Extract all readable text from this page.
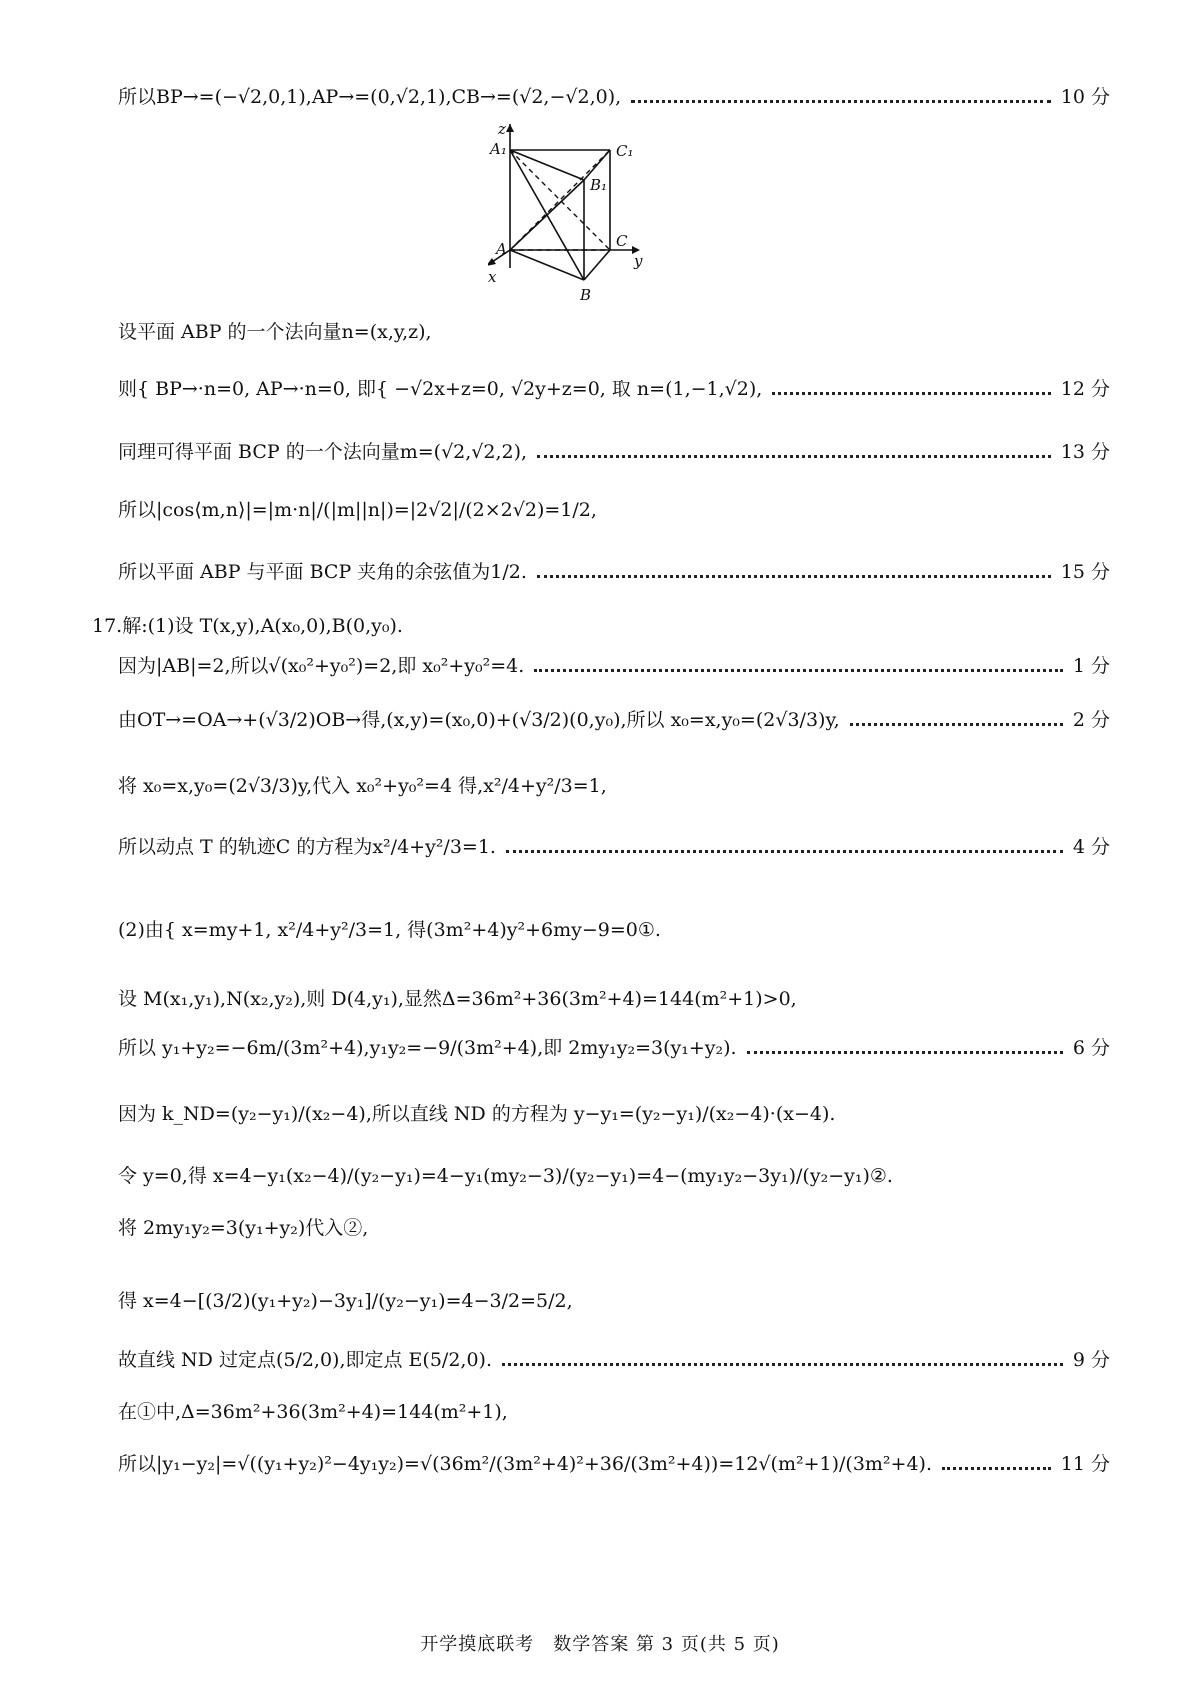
所以BP→=(−√2,0,1),AP→=(0,√2,1),CB→=(√2,−√2,0),	10 分
z
A₁	C₁
B₁
A	C
x
y
B
设平面 ABP 的一个法向量n=(x,y,z),
则{ BP→·n=0, AP→·n=0, 即{ −√2x+z=0, √2y+z=0, 取 n=(1,−1,√2),	12 分
同理可得平面 BCP 的一个法向量m=(√2,√2,2),	13 分
所以|cos⟨m,n⟩|=|m·n|/(|m||n|)=|2√2|/(2×2√2)=1/2,
所以平面 ABP 与平面 BCP 夹角的余弦值为1/2.	15 分
17.解:(1)设 T(x,y),A(x₀,0),B(0,y₀).
因为|AB|=2,所以√(x₀²+y₀²)=2,即 x₀²+y₀²=4.	1 分
由OT→=OA→+(√3/2)OB→得,(x,y)=(x₀,0)+(√3/2)(0,y₀),所以 x₀=x,y₀=(2√3/3)y,	2 分
将 x₀=x,y₀=(2√3/3)y,代入 x₀²+y₀²=4 得,x²/4+y²/3=1,
所以动点 T 的轨迹C 的方程为x²/4+y²/3=1.	4 分
(2)由{ x=my+1, x²/4+y²/3=1, 得(3m²+4)y²+6my−9=0①.
设 M(x₁,y₁),N(x₂,y₂),则 D(4,y₁),显然Δ=36m²+36(3m²+4)=144(m²+1)>0,
所以 y₁+y₂=−6m/(3m²+4),y₁y₂=−9/(3m²+4),即 2my₁y₂=3(y₁+y₂).	6 分
因为 k_ND=(y₂−y₁)/(x₂−4),所以直线 ND 的方程为 y−y₁=(y₂−y₁)/(x₂−4)·(x−4).
令 y=0,得 x=4−y₁(x₂−4)/(y₂−y₁)=4−y₁(my₂−3)/(y₂−y₁)=4−(my₁y₂−3y₁)/(y₂−y₁)②.
将 2my₁y₂=3(y₁+y₂)代入②,
得 x=4−[(3/2)(y₁+y₂)−3y₁]/(y₂−y₁)=4−3/2=5/2,
故直线 ND 过定点(5/2,0),即定点 E(5/2,0).	9 分
在①中,Δ=36m²+36(3m²+4)=144(m²+1),
所以|y₁−y₂|=√((y₁+y₂)²−4y₁y₂)=√(36m²/(3m²+4)²+36/(3m²+4))=12√(m²+1)/(3m²+4).	11 分
开学摸底联考　数学答案 第 3 页(共 5 页)
